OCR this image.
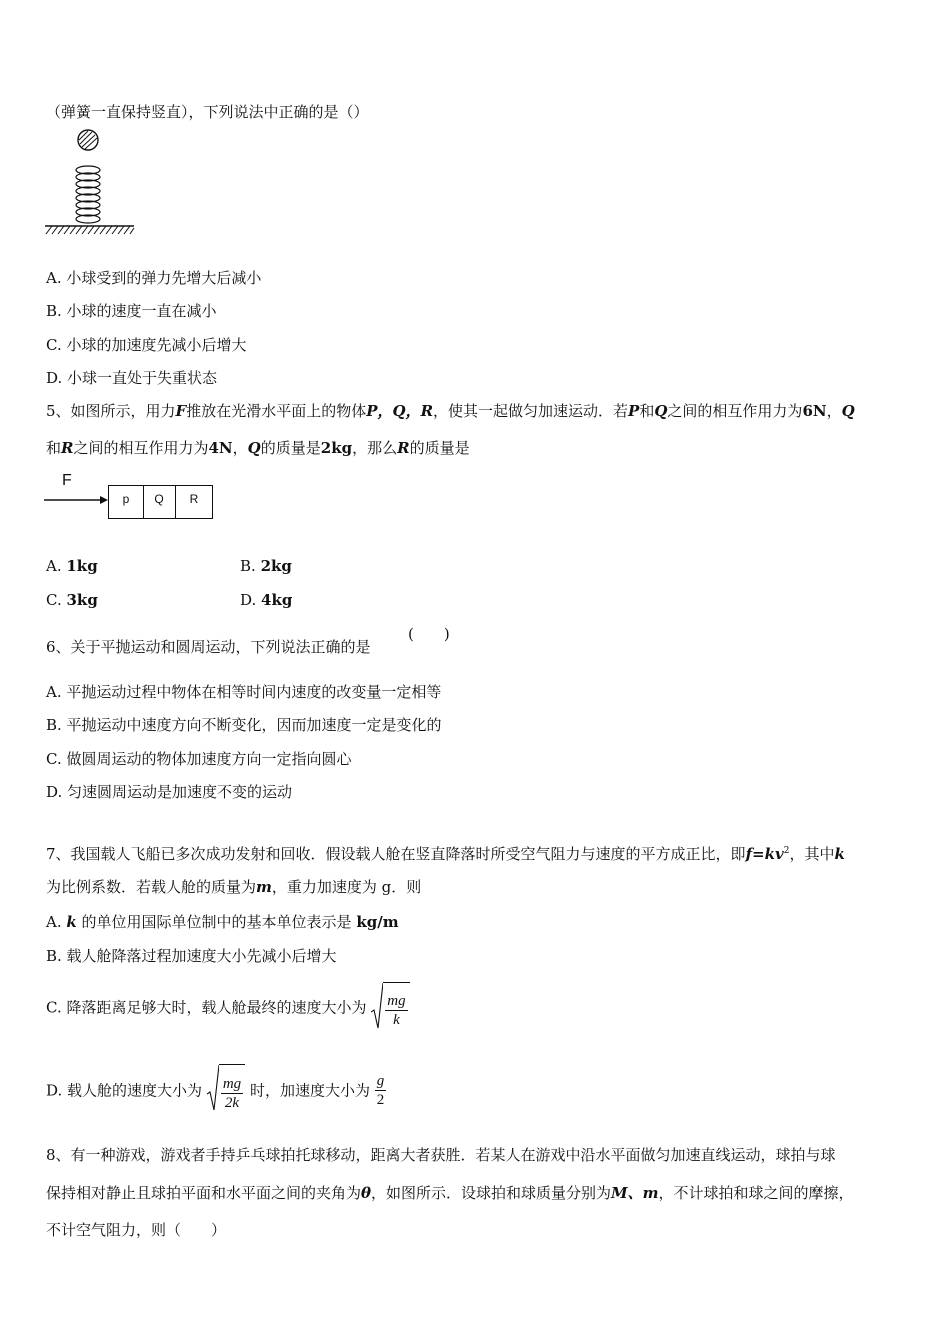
（弹簧一直保持竖直），下列说法中正确的是（）
A. 小球受到的弹力先增大后减小
B. 小球的速度一直在减小
C. 小球的加速度先减小后增大
D. 小球一直处于失重状态
5、如图所示，用力F推放在光滑水平面上的物体P，Q，R，使其一起做匀加速运动．若P和Q之间的相互作用力为6N，Q
和R之间的相互作用力为4N，Q的质量是2kg，那么R的质量是
F
p	Q	R
A. 1kg	B. 2kg
C. 3kg	D. 4kg
6、关于平抛运动和圆周运动，下列说法正确的是
(　　)
A. 平抛运动过程中物体在相等时间内速度的改变量一定相等
B. 平抛运动中速度方向不断变化，因而加速度一定是变化的
C. 做圆周运动的物体加速度方向一定指向圆心
D. 匀速圆周运动是加速度不变的运动
7、我国载人飞船已多次成功发射和回收．假设载人舱在竖直降落时所受空气阻力与速度的平方成正比，即$f=kv^2$，其中k
为比例系数．若载人舱的质量为m，重力加速度为 g．则
A. k 的单位用国际单位制中的基本单位表示是 kg/m
B. 载人舱降落过程加速度大小先减小后增大
C. 降落距离足够大时，载人舱最终的速度大小为 $\frac{mg}{k}$
D. 载人舱的速度大小为 $\frac{mg}{2k}$ 时，加速度大小为 $\frac{g}{2}$
8、有一种游戏，游戏者手持乒乓球拍托球移动，距离大者获胜．若某人在游戏中沿水平面做匀加速直线运动，球拍与球
保持相对静止且球拍平面和水平面之间的夹角为θ，如图所示．设球拍和球质量分别为M、m，不计球拍和球之间的摩擦，
不计空气阻力，则（　　）
